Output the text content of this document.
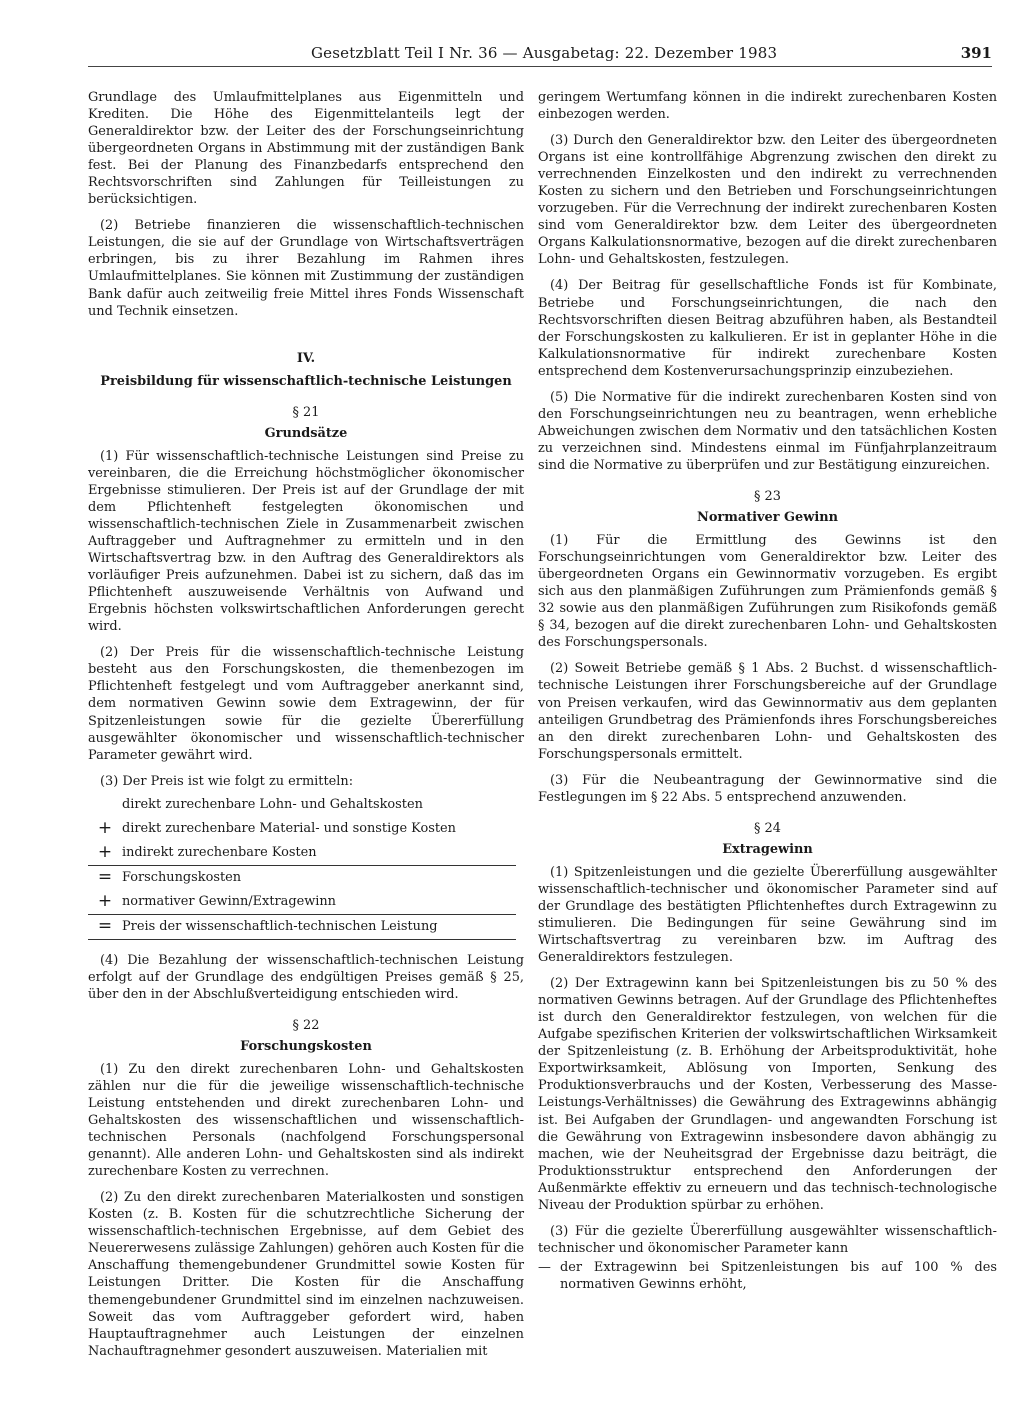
Gesetzblatt Teil I Nr. 36 — Ausgabetag: 22. Dezember 1983	391

Grundlage des Umlaufmittelplanes aus Eigenmitteln und Krediten. Die Höhe des Eigenmittelanteils legt der Generaldirektor bzw. der Leiter des der Forschungseinrichtung übergeordneten Organs in Abstimmung mit der zuständigen Bank fest. Bei der Planung des Finanzbedarfs entsprechend den Rechtsvorschriften sind Zahlungen für Teilleistungen zu berücksichtigen.

(2) Betriebe finanzieren die wissenschaftlich-technischen Leistungen, die sie auf der Grundlage von Wirtschaftsverträgen erbringen, bis zu ihrer Bezahlung im Rahmen ihres Umlaufmittelplanes. Sie können mit Zustimmung der zuständigen Bank dafür auch zeitweilig freie Mittel ihres Fonds Wissenschaft und Technik einsetzen.

IV.
Preisbildung für wissenschaftlich-technische Leistungen
§ 21
Grundsätze

(1) Für wissenschaftlich-technische Leistungen sind Preise zu vereinbaren, die die Erreichung höchstmöglicher ökonomischer Ergebnisse stimulieren. Der Preis ist auf der Grundlage der mit dem Pflichtenheft festgelegten ökonomischen und wissenschaftlich-technischen Ziele in Zusammenarbeit zwischen Auftraggeber und Auftragnehmer zu ermitteln und in den Wirtschaftsvertrag bzw. in den Auftrag des Generaldirektors als vorläufiger Preis aufzunehmen. Dabei ist zu sichern, daß das im Pflichtenheft auszuweisende Verhältnis von Aufwand und Ergebnis höchsten volkswirtschaftlichen Anforderungen gerecht wird.

(2) Der Preis für die wissenschaftlich-technische Leistung besteht aus den Forschungskosten, die themenbezogen im Pflichtenheft festgelegt und vom Auftraggeber anerkannt sind, dem normativen Gewinn sowie dem Extragewinn, der für Spitzenleistungen sowie für die gezielte Übererfüllung ausgewählter ökonomischer und wissenschaftlich-technischer Parameter gewährt wird.

(3) Der Preis ist wie folgt zu ermitteln:

direkt zurechenbare Lohn- und Gehaltskosten
+ direkt zurechenbare Material- und sonstige Kosten
+ indirekt zurechenbare Kosten
= Forschungskosten
+ normativer Gewinn/Extragewinn
= Preis der wissenschaftlich-technischen Leistung

(4) Die Bezahlung der wissenschaftlich-technischen Leistung erfolgt auf der Grundlage des endgültigen Preises gemäß § 25, über den in der Abschlußverteidigung entschieden wird.

§ 22
Forschungskosten

(1) Zu den direkt zurechenbaren Lohn- und Gehaltskosten zählen nur die für die jeweilige wissenschaftlich-technische Leistung entstehenden und direkt zurechenbaren Lohn- und Gehaltskosten des wissenschaftlichen und wissenschaftlich-technischen Personals (nachfolgend Forschungspersonal genannt). Alle anderen Lohn- und Gehaltskosten sind als indirekt zurechenbare Kosten zu verrechnen.

(2) Zu den direkt zurechenbaren Materialkosten und sonstigen Kosten (z. B. Kosten für die schutzrechtliche Sicherung der wissenschaftlich-technischen Ergebnisse, auf dem Gebiet des Neuererwesens zulässige Zahlungen) gehören auch Kosten für die Anschaffung themengebundener Grundmittel sowie Kosten für Leistungen Dritter. Die Kosten für die Anschaffung themengebundener Grundmittel sind im einzelnen nachzuweisen. Soweit das vom Auftraggeber gefordert wird, haben Hauptauftragnehmer auch Leistungen der einzelnen Nachauftragnehmer gesondert auszuweisen. Materialien mit

geringem Wertumfang können in die indirekt zurechenbaren Kosten einbezogen werden.

(3) Durch den Generaldirektor bzw. den Leiter des übergeordneten Organs ist eine kontrollfähige Abgrenzung zwischen den direkt zu verrechnenden Einzelkosten und den indirekt zu verrechnenden Kosten zu sichern und den Betrieben und Forschungseinrichtungen vorzugeben. Für die Verrechnung der indirekt zurechenbaren Kosten sind vom Generaldirektor bzw. dem Leiter des übergeordneten Organs Kalkulationsnormative, bezogen auf die direkt zurechenbaren Lohn- und Gehaltskosten, festzulegen.

(4) Der Beitrag für gesellschaftliche Fonds ist für Kombinate, Betriebe und Forschungseinrichtungen, die nach den Rechtsvorschriften diesen Beitrag abzuführen haben, als Bestandteil der Forschungskosten zu kalkulieren. Er ist in geplanter Höhe in die Kalkulationsnormative für indirekt zurechenbare Kosten entsprechend dem Kostenverursachungsprinzip einzubeziehen.

(5) Die Normative für die indirekt zurechenbaren Kosten sind von den Forschungseinrichtungen neu zu beantragen, wenn erhebliche Abweichungen zwischen dem Normativ und den tatsächlichen Kosten zu verzeichnen sind. Mindestens einmal im Fünfjahrplanzeitraum sind die Normative zu überprüfen und zur Bestätigung einzureichen.

§ 23
Normativer Gewinn

(1) Für die Ermittlung des Gewinns ist den Forschungseinrichtungen vom Generaldirektor bzw. Leiter des übergeordneten Organs ein Gewinnormativ vorzugeben. Es ergibt sich aus den planmäßigen Zuführungen zum Prämienfonds gemäß § 32 sowie aus den planmäßigen Zuführungen zum Risikofonds gemäß § 34, bezogen auf die direkt zurechenbaren Lohn- und Gehaltskosten des Forschungspersonals.

(2) Soweit Betriebe gemäß § 1 Abs. 2 Buchst. d wissenschaftlich-technische Leistungen ihrer Forschungsbereiche auf der Grundlage von Preisen verkaufen, wird das Gewinnormativ aus dem geplanten anteiligen Grundbetrag des Prämienfonds ihres Forschungsbereiches an den direkt zurechenbaren Lohn- und Gehaltskosten des Forschungspersonals ermittelt.

(3) Für die Neubeantragung der Gewinnormative sind die Festlegungen im § 22 Abs. 5 entsprechend anzuwenden.

§ 24
Extragewinn

(1) Spitzenleistungen und die gezielte Übererfüllung ausgewählter wissenschaftlich-technischer und ökonomischer Parameter sind auf der Grundlage des bestätigten Pflichtenheftes durch Extragewinn zu stimulieren. Die Bedingungen für seine Gewährung sind im Wirtschaftsvertrag zu vereinbaren bzw. im Auftrag des Generaldirektors festzulegen.

(2) Der Extragewinn kann bei Spitzenleistungen bis zu 50 % des normativen Gewinns betragen. Auf der Grundlage des Pflichtenheftes ist durch den Generaldirektor festzulegen, von welchen für die Aufgabe spezifischen Kriterien der volkswirtschaftlichen Wirksamkeit der Spitzenleistung (z. B. Erhöhung der Arbeitsproduktivität, hohe Exportwirksamkeit, Ablösung von Importen, Senkung des Produktionsverbrauchs und der Kosten, Verbesserung des Masse-Leistungs-Verhältnisses) die Gewährung des Extragewinns abhängig ist. Bei Aufgaben der Grundlagen- und angewandten Forschung ist die Gewährung von Extragewinn insbesondere davon abhängig zu machen, wie der Neuheitsgrad der Ergebnisse dazu beiträgt, die Produktionsstruktur entsprechend den Anforderungen der Außenmärkte effektiv zu erneuern und das technisch-technologische Niveau der Produktion spürbar zu erhöhen.

(3) Für die gezielte Übererfüllung ausgewählter wissenschaftlich-technischer und ökonomischer Parameter kann

— der Extragewinn bei Spitzenleistungen bis auf 100 % des normativen Gewinns erhöht,
